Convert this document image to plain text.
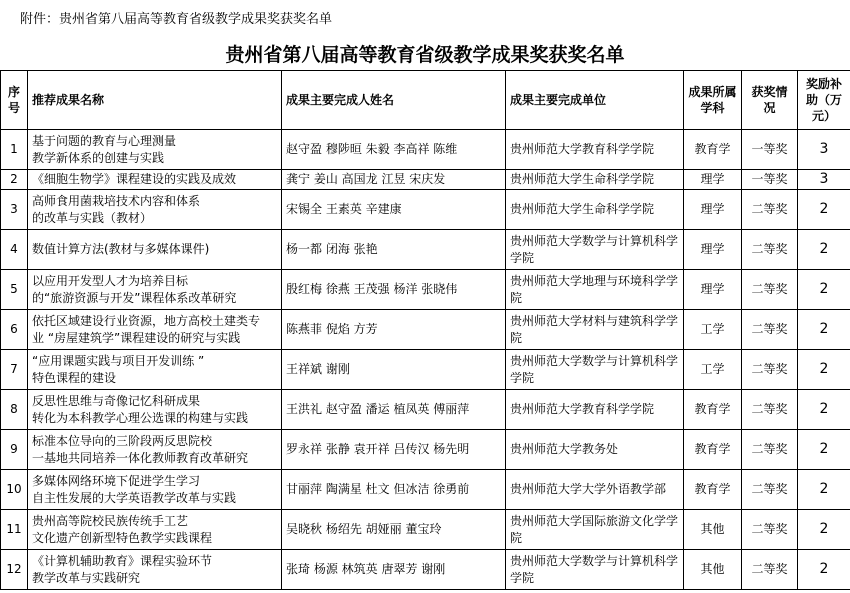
附件：贵州省第八届高等教育省级教学成果奖获奖名单
贵州省第八届高等教育省级教学成果奖获奖名单
序号	推荐成果名称	成果主要完成人姓名	成果主要完成单位	成果所属学科	获奖情况	奖励补助（万元）
1	基于问题的教育与心理测量
教学新体系的创建与实践	赵守盈 穆陟晅 朱毅 李高祥 陈维	贵州师范大学教育科学学院	教育学	一等奖	3
2	《细胞生物学》课程建设的实践及成效	龚宁 姜山 高国龙 江昱 宋庆发	贵州师范大学生命科学学院	理学	一等奖	3
3	高师食用菌栽培技术内容和体系
的改革与实践（教材）	宋锡全 王素英 辛建康	贵州师范大学生命科学学院	理学	二等奖	2
4	数值计算方法(教材与多媒体课件)	杨一都 闭海 张艳	贵州师范大学数学与计算机科学学院	理学	二等奖	2
5	以应用开发型人才为培养目标
的“旅游资源与开发”课程体系改革研究	殷红梅 徐燕 王茂强 杨洋 张晓伟	贵州师范大学地理与环境科学学院	理学	二等奖	2
6	依托区域建设行业资源，地方高校土建类专
业 “房屋建筑学”课程建设的研究与实践	陈燕菲 倪焰 方芳	贵州师范大学材料与建筑科学学院	工学	二等奖	2
7	“应用课题实践与项目开发训练 ”
特色课程的建设	王祥斌 谢刚	贵州师范大学数学与计算机科学学院	工学	二等奖	2
8	反思性思维与奇像记忆科研成果
转化为本科教学心理公选课的构建与实践	王洪礼 赵守盈 潘运 植凤英 傅丽萍	贵州师范大学教育科学学院	教育学	二等奖	2
9	标准本位导向的三阶段两反思院校
一基地共同培养一体化教师教育改革研究	罗永祥 张静 袁开祥 吕传汉 杨先明	贵州师范大学教务处	教育学	二等奖	2
10	多媒体网络环境下促进学生学习
自主性发展的大学英语教学改革与实践	甘丽萍 陶满星 杜文 但冰洁 徐勇前	贵州师范大学大学外语教学部	教育学	二等奖	2
11	贵州高等院校民族传统手工艺
文化遗产创新型特色教学实践课程	吴晓秋 杨绍先 胡娅丽 董宝玲	贵州师范大学国际旅游文化学学院	其他	二等奖	2
12	《计算机辅助教育》课程实验环节
教学改革与实践研究	张琦 杨源 林筑英 唐翠芳 谢刚	贵州师范大学数学与计算机科学学院	其他	二等奖	2
